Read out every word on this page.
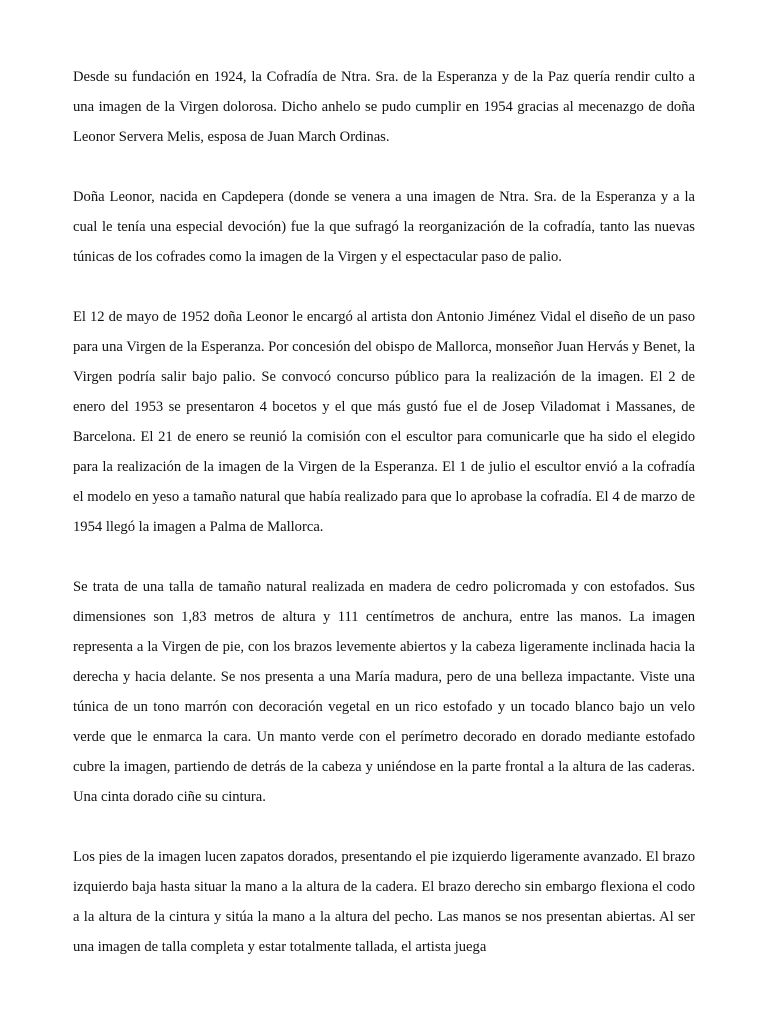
Desde su fundación en 1924, la Cofradía de Ntra. Sra. de la Esperanza y de la Paz quería rendir culto a una imagen de la Virgen dolorosa. Dicho anhelo se pudo cumplir en 1954 gracias al mecenazgo de doña Leonor Servera Melis, esposa de Juan March Ordinas.

Doña Leonor, nacida en Capdepera (donde se venera a una imagen de Ntra. Sra. de la Esperanza y a la cual le tenía una especial devoción) fue la que sufragó la reorganización de la cofradía, tanto las nuevas túnicas de los cofrades como la imagen de la Virgen y el espectacular paso de palio.

El 12 de mayo de 1952 doña Leonor le encargó al artista don Antonio Jiménez Vidal el diseño de un paso para una Virgen de la Esperanza. Por concesión del obispo de Mallorca, monseñor Juan Hervás y Benet, la Virgen podría salir bajo palio. Se convocó concurso público para la realización de la imagen. El 2 de enero del 1953 se presentaron 4 bocetos y el que más gustó fue el de Josep Viladomat i Massanes, de Barcelona. El 21 de enero se reunió la comisión con el escultor para comunicarle que ha sido el elegido para la realización de la imagen de la Virgen de la Esperanza. El 1 de julio el escultor envió a la cofradía el modelo en yeso a tamaño natural que había realizado para que lo aprobase la cofradía. El 4 de marzo de 1954 llegó la imagen a Palma de Mallorca.

Se trata de una talla de tamaño natural realizada en madera de cedro policromada y con estofados. Sus dimensiones son 1,83 metros de altura y 111 centímetros de anchura, entre las manos. La imagen representa a la Virgen de pie, con los brazos levemente abiertos y la cabeza ligeramente inclinada hacia la derecha y hacia delante. Se nos presenta a una María madura, pero de una belleza impactante. Viste una túnica de un tono marrón con decoración vegetal en un rico estofado y un tocado blanco bajo un velo verde que le enmarca la cara. Un manto verde con el perímetro decorado en dorado mediante estofado cubre la imagen, partiendo de detrás de la cabeza y uniéndose en la parte frontal a la altura de las caderas. Una cinta dorado ciñe su cintura.

Los pies de la imagen lucen zapatos dorados, presentando el pie izquierdo ligeramente avanzado. El brazo izquierdo baja hasta situar la mano a la altura de la cadera. El brazo derecho sin embargo flexiona el codo a la altura de la cintura y sitúa la mano a la altura del pecho. Las manos se nos presentan abiertas. Al ser una imagen de talla completa y estar totalmente tallada, el artista juega
